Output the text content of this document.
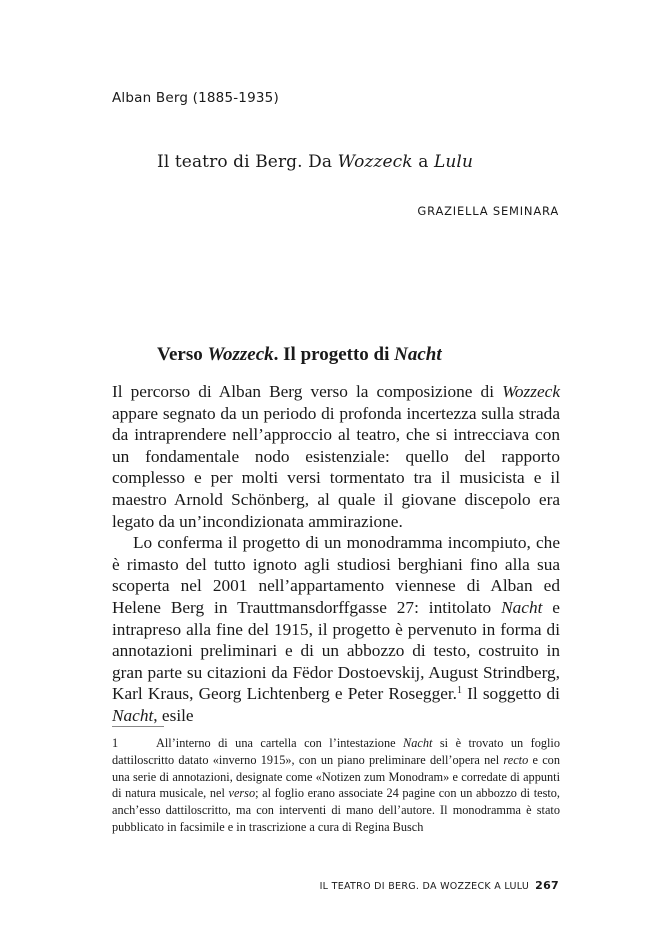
Alban Berg (1885-1935)
Il teatro di Berg. Da Wozzeck a Lulu
GRAZIELLA SEMINARA
Verso Wozzeck. Il progetto di Nacht

Il percorso di Alban Berg verso la composizione di Wozzeck appare segnato da un periodo di profonda incertezza sulla strada da intraprendere nell’approccio al teatro, che si intrecciava con un fondamentale nodo esistenziale: quello del rapporto complesso e per molti versi tormentato tra il musicista e il maestro Arnold Schönberg, al quale il giovane discepolo era legato da un’incondizionata ammirazione.

Lo conferma il progetto di un monodramma incompiuto, che è rimasto del tutto ignoto agli studiosi berghiani fino alla sua scoperta nel 2001 nell’appartamento viennese di Alban ed Helene Berg in Trauttmansdorffgasse 27: intitolato Nacht e intrapreso alla fine del 1915, il progetto è pervenuto in forma di annotazioni preliminari e di un abbozzo di testo, costruito in gran parte su citazioni da Fëdor Dostoevskij, August Strindberg, Karl Kraus, Georg Lichtenberg e Peter Rosegger.$^1$ Il soggetto di Nacht, esile

1	All’interno di una cartella con l’intestazione Nacht si è trovato un foglio dattiloscritto datato «inverno 1915», con un piano preliminare dell’opera nel recto e con una serie di annotazioni, designate come «Notizen zum Monodram» e corredate di appunti di natura musicale, nel verso; al foglio erano associate 24 pagine con un abbozzo di testo, anch’esso dattiloscritto, ma con interventi di mano dell’autore. Il monodramma è stato pubblicato in facsimile e in trascrizione a cura di Regina Busch

IL TEATRO DI BERG. DA WOZZECK A LULU 267
